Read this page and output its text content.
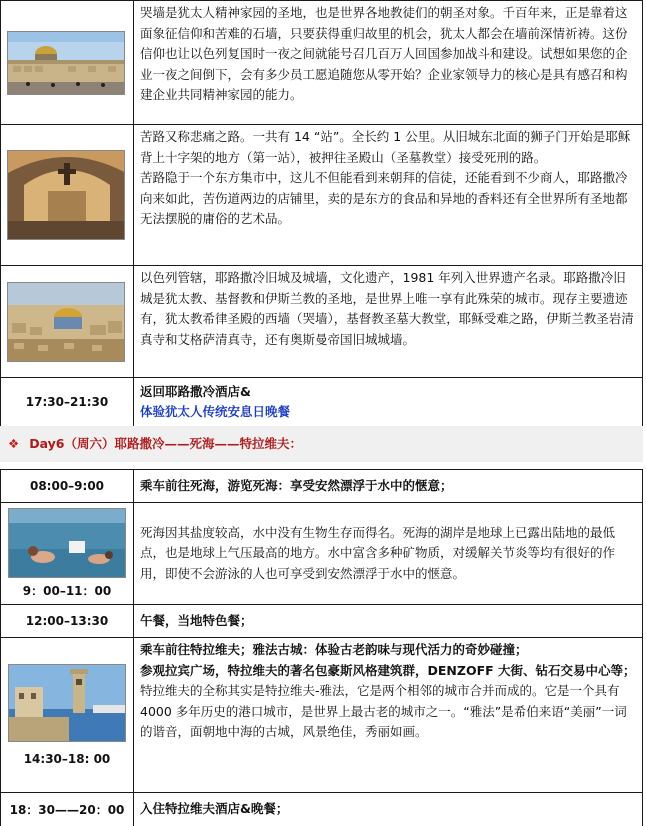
	哭墙是犹太人精神家园的圣地，也是世界各地教徒们的朝圣对象。千百年来，正是靠着这面象征信仰和苦难的石墙，只要获得重归故里的机会，犹太人都会在墙前深情祈祷。这份信仰也让以色列复国时一夜之间就能号召几百万人回国参加战斗和建设。试想如果您的企业一夜之间倒下，会有多少员工愿追随您从零开始？企业家领导力的核心是具有感召和构建企业共同精神家园的能力。

苦路又称悲痛之路。一共有 14 “站”。全长约 1 公里。从旧城东北面的狮子门开始是耶稣背上十字架的地方（第一站），被押往圣殿山（圣墓教堂）接受死刑的路。
苦路隐于一个东方集市中，这儿不但能看到来朝拜的信徒，还能看到不少商人，耶路撒冷向来如此，苦伤道两边的店铺里，卖的是东方的食品和异地的香料还有全世界所有圣地都无法摆脱的庸俗的艺术品。

	以色列管辖，耶路撒冷旧城及城墙，文化遗产，1981 年列入世界遗产名录。耶路撒冷旧城是犹太教、基督教和伊斯兰教的圣地，是世界上唯一享有此殊荣的城市。现存主要遗迹有，犹太教希律圣殿的西墙（哭墙），基督教圣墓大教堂，耶稣受难之路，伊斯兰教圣岩清真寺和艾格萨清真寺，还有奥斯曼帝国旧城城墙。
17:30–21:30	返回耶路撒冷酒店&
体验犹太人传统安息日晚餐
❖ Day6（周六）耶路撒冷——死海——特拉维夫：
08:00–9:00	乘车前往死海，游览死海：享受安然漂浮于水中的惬意；

9：00–11：00	死海因其盐度较高，水中没有生物生存而得名。死海的湖岸是地球上已露出陆地的最低点，也是地球上气压最高的地方。水中富含多种矿物质，对缓解关节炎等均有很好的作用，即使不会游泳的人也可享受到安然漂浮于水中的惬意。
12:00–13:30	午餐，当地特色餐；

14:30–18: 00	乘车前往特拉维夫；雅法古城：体验古老韵味与现代活力的奇妙碰撞；
参观拉宾广场，特拉维夫的著名包豪斯风格建筑群，DENZOFF 大街、钻石交易中心等；
特拉维夫的全称其实是特拉维夫-雅法，它是两个相邻的城市合并而成的。它是一个具有 4000 多年历史的港口城市，是世界上最古老的城市之一。“雅法”是希伯来语“美丽”一词的谐音，面朝地中海的古城，风景绝佳，秀丽如画。

18：30——20：00	入住特拉维夫酒店&晚餐；
